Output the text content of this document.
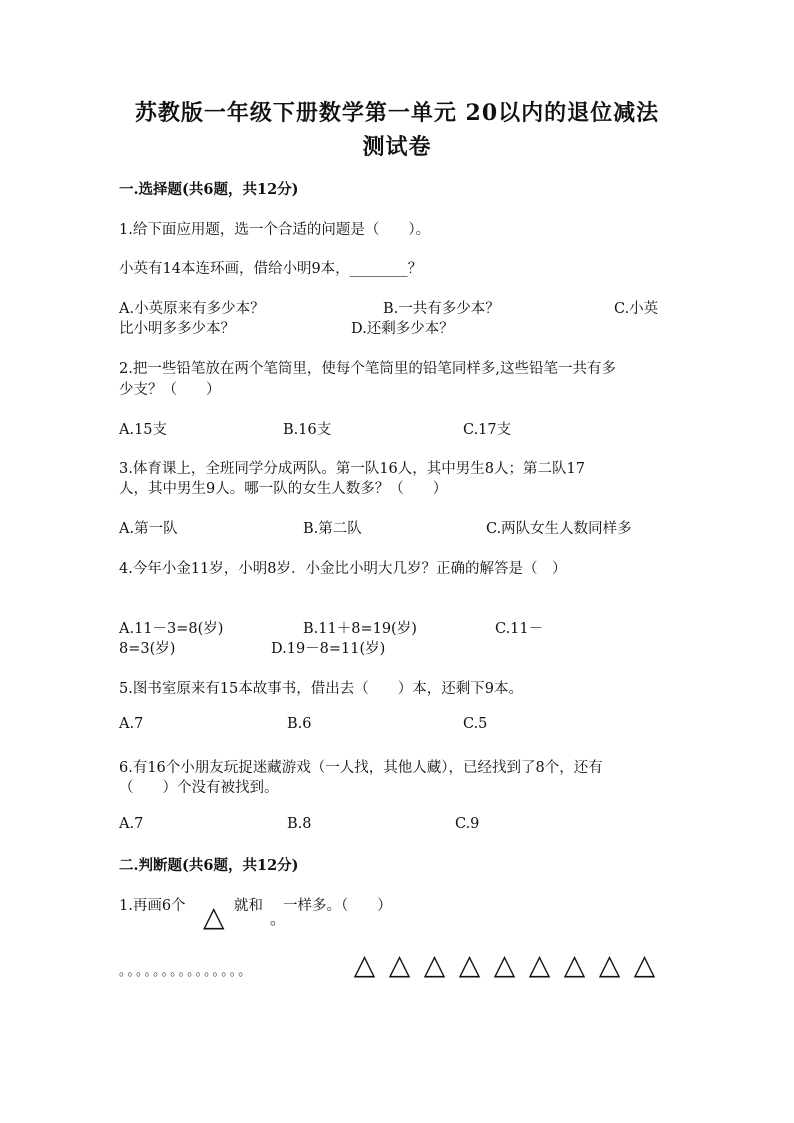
苏教版一年级下册数学第一单元 20以内的退位减法
测试卷
一.选择题(共6题，共12分)
1.给下面应用题，选一个合适的问题是（　　）。
小英有14本连环画，借给小明9本，________？
A.小英原来有多少本？	B.一共有多少本？	C.小英
比小明多多少本？	D.还剩多少本？
2.把一些铅笔放在两个笔筒里，使每个笔筒里的铅笔同样多,这些铅笔一共有多
少支？（　　）
A.15支	B.16支	C.17支
3.体育课上，全班同学分成两队。第一队16人，其中男生8人；第二队17
人，其中男生9人。哪一队的女生人数多？（　　）
A.第一队	B.第二队	C.两队女生人数同样多
4.今年小金11岁，小明8岁．小金比小明大几岁？正确的解答是（　）
A.11－3=8(岁)	B.11＋8=19(岁)	C.11－
8=3(岁)	D.19－8=11(岁)
5.图书室原来有15本故事书，借出去（　　）本，还剩下9本。
A.7	B.6	C.5
6.有16个小朋友玩捉迷藏游戏（一人找，其他人藏），已经找到了8个，还有
（　　）个没有被找到。
A.7	B.8	C.9
二.判断题(共6题，共12分)
1.再画6个 △ 就和
。
一样多。（　　）
。。。。。。。。。。。。。。。	△ △ △ △ △ △ △ △ △
